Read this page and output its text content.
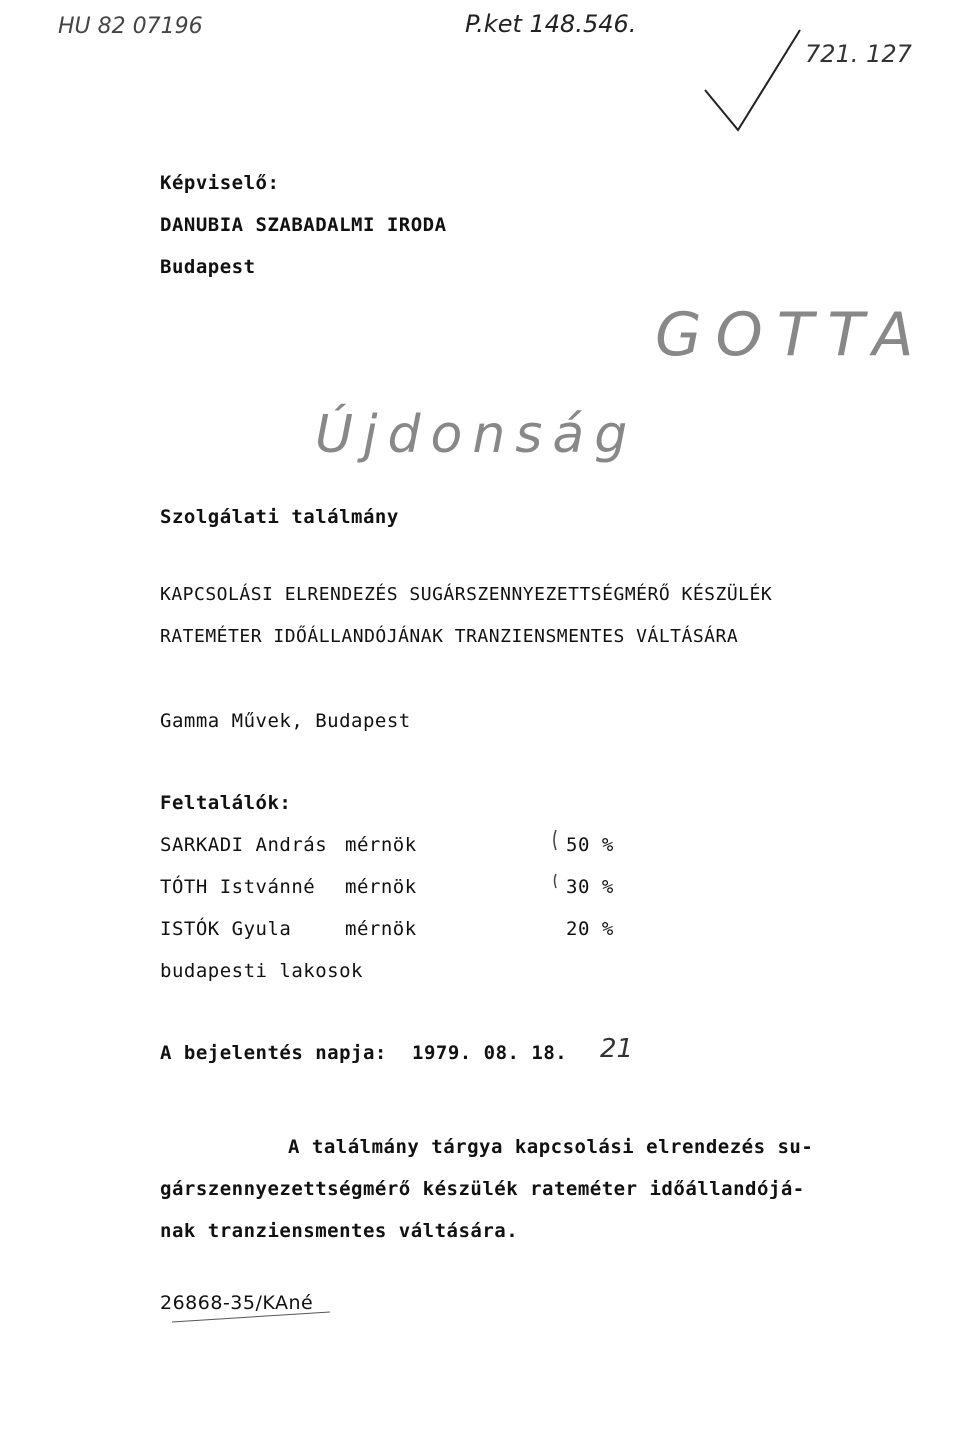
HU 82 07196	P.ket 148.546.
721. 127
GOTTA
Újdonság
Képviselő:
DANUBIA SZABADALMI IRODA
Budapest
Szolgálati találmány
KAPCSOLÁSI ELRENDEZÉS SUGÁRSZENNYEZETTSÉGMÉRŐ KÉSZÜLÉK
RATEMÉTER IDŐÁLLANDÓJÁNAK TRANZIENSMENTES VÁLTÁSÁRA
Gamma Művek, Budapest
Feltalálók:
SARKADI András mérnök	50 %
TÓTH Istvánné mérnök	30 %
ISTÓK Gyula	mérnök	20 %
budapesti lakosok
A bejelentés napja: 1979. 08. 18. 21
A találmány tárgya kapcsolási elrendezés su-
gárszennyezettségmérő készülék rateméter időállandójá-
nak tranziensmentes váltására.
26868-35/KAné
